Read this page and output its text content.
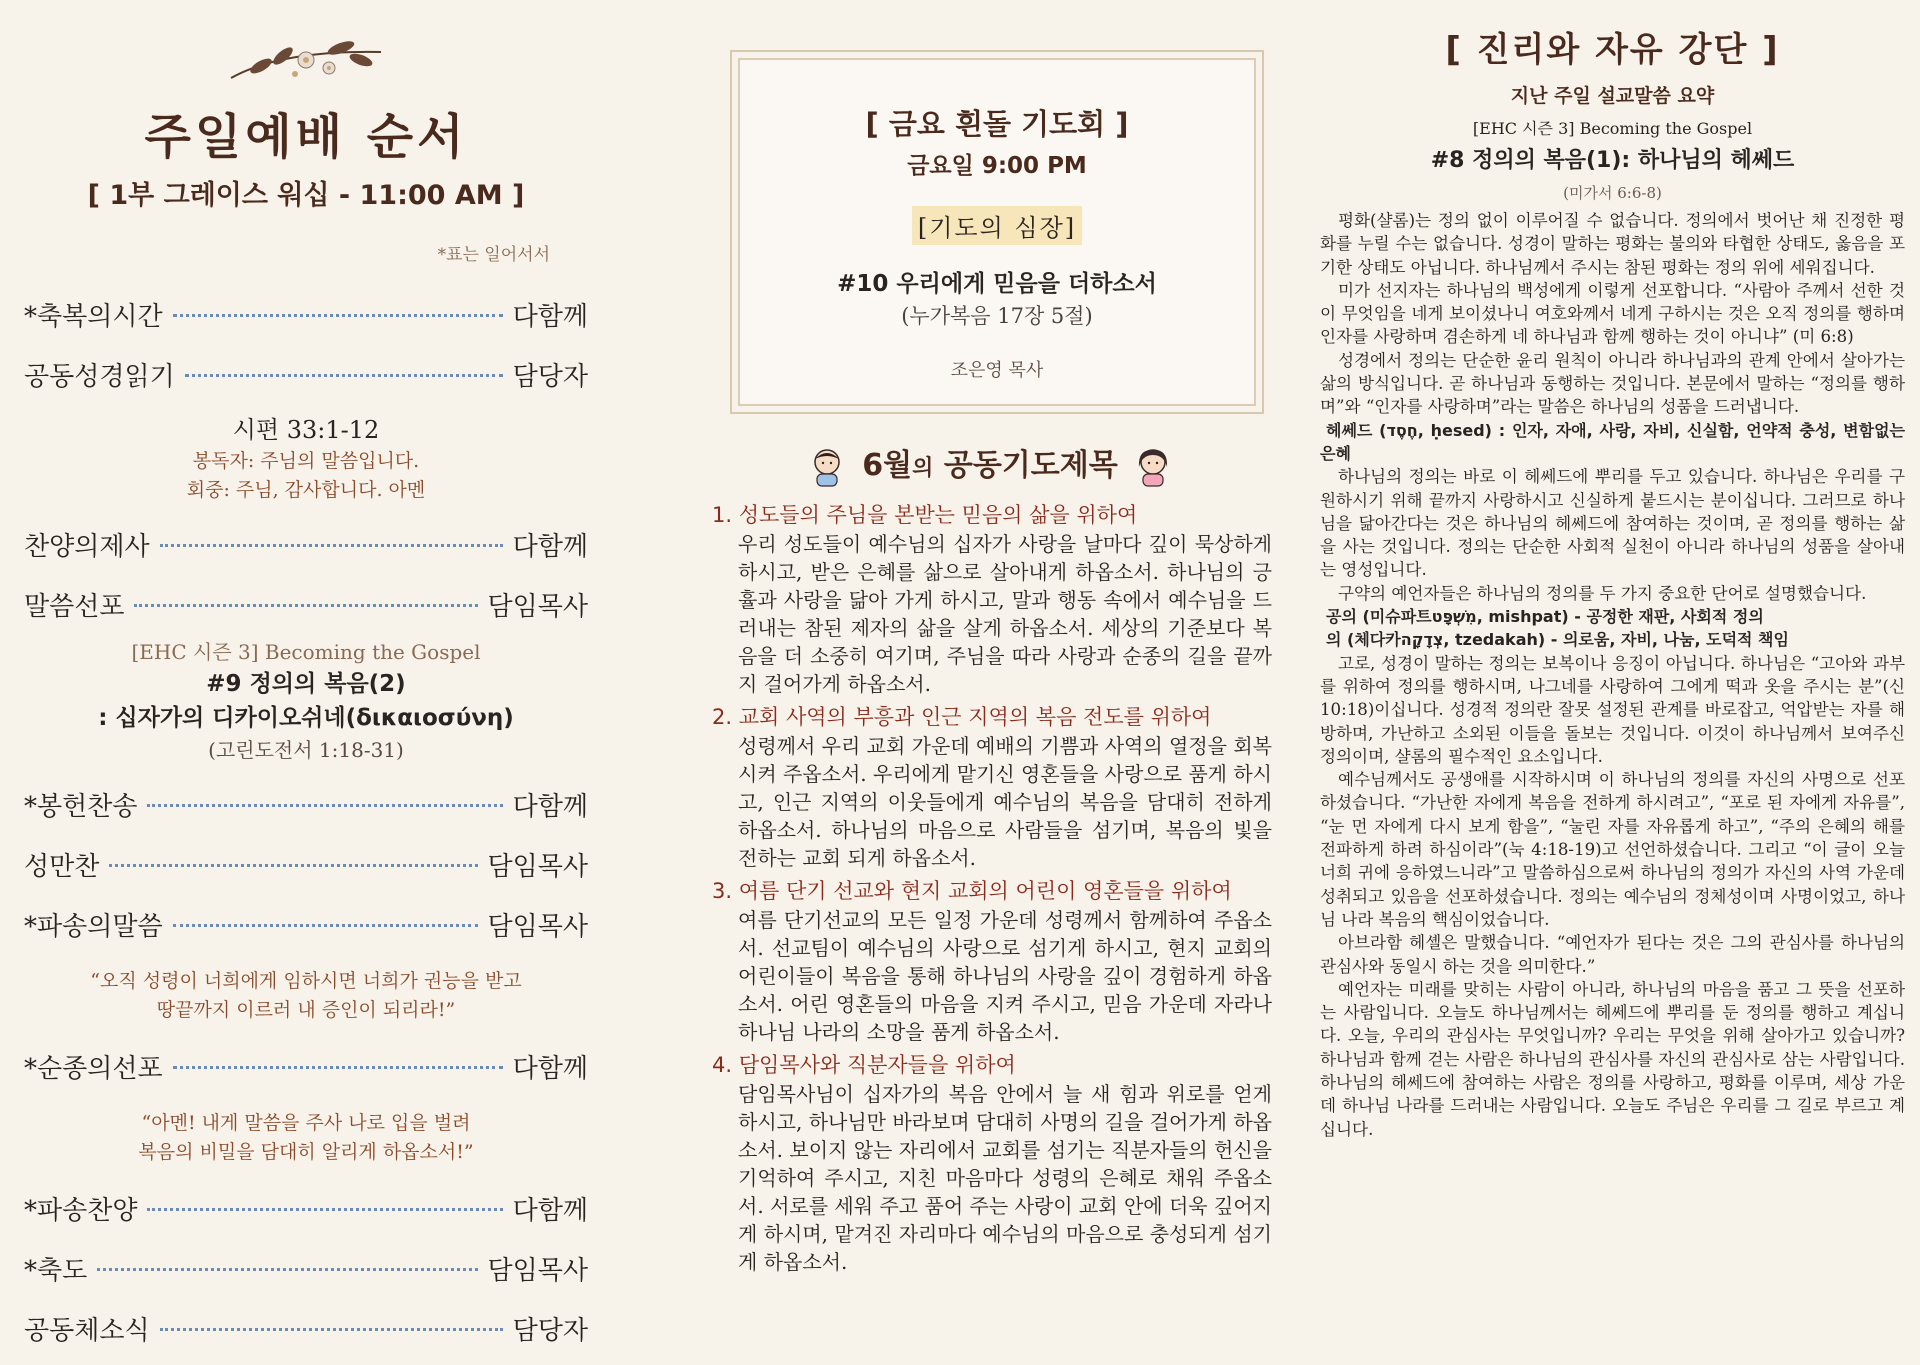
주일예배 순서
[ 1부 그레이스 워십 - 11:00 AM ]
*표는 일어서서
*축복의시간	다함께
공동성경읽기	담당자
시편 33:1-12
봉독자: 주님의 말씀입니다.
회중: 주님, 감사합니다. 아멘
찬양의제사	다함께
말씀선포	담임목사
[EHC 시즌 3] Becoming the Gospel
#9 정의의 복음(2)
: 십자가의 디카이오쉬네(δικαιοσύνη)
(고린도전서 1:18-31)
*봉헌찬송	다함께
성만찬	담임목사
*파송의말씀	담임목사
“오직 성령이 너희에게 임하시면 너희가 권능을 받고
땅끝까지 이르러 내 증인이 되리라!”
*순종의선포	다함께
“아멘! 내게 말씀을 주사 나로 입을 벌려
복음의 비밀을 담대히 알리게 하옵소서!”
*파송찬양	다함께
*축도	담임목사
공동체소식	담당자
[ 금요 흰돌 기도회 ]
금요일 9:00 PM
[기도의 심장]
#10 우리에게 믿음을 더하소서
(누가복음 17장 5절)
조은영 목사
6월의 공동기도제목
1. 성도들의 주님을 본받는 믿음의 삶을 위하여
우리 성도들이 예수님의 십자가 사랑을 날마다 깊이 묵상하게 하시고, 받은 은혜를 삶으로 살아내게 하옵소서. 하나님의 긍휼과 사랑을 닮아 가게 하시고, 말과 행동 속에서 예수님을 드러내는 참된 제자의 삶을 살게 하옵소서. 세상의 기준보다 복음을 더 소중히 여기며, 주님을 따라 사랑과 순종의 길을 끝까지 걸어가게 하옵소서.
2. 교회 사역의 부흥과 인근 지역의 복음 전도를 위하여
성령께서 우리 교회 가운데 예배의 기쁨과 사역의 열정을 회복시켜 주옵소서. 우리에게 맡기신 영혼들을 사랑으로 품게 하시고, 인근 지역의 이웃들에게 예수님의 복음을 담대히 전하게 하옵소서. 하나님의 마음으로 사람들을 섬기며, 복음의 빛을 전하는 교회 되게 하옵소서.
3. 여름 단기 선교와 현지 교회의 어린이 영혼들을 위하여
여름 단기선교의 모든 일정 가운데 성령께서 함께하여 주옵소서. 선교팀이 예수님의 사랑으로 섬기게 하시고, 현지 교회의 어린이들이 복음을 통해 하나님의 사랑을 깊이 경험하게 하옵소서. 어린 영혼들의 마음을 지켜 주시고, 믿음 가운데 자라나 하나님 나라의 소망을 품게 하옵소서.
4. 담임목사와 직분자들을 위하여
담임목사님이 십자가의 복음 안에서 늘 새 힘과 위로를 얻게 하시고, 하나님만 바라보며 담대히 사명의 길을 걸어가게 하옵소서. 보이지 않는 자리에서 교회를 섬기는 직분자들의 헌신을 기억하여 주시고, 지친 마음마다 성령의 은혜로 채워 주옵소서. 서로를 세워 주고 품어 주는 사랑이 교회 안에 더욱 깊어지게 하시며, 맡겨진 자리마다 예수님의 마음으로 충성되게 섬기게 하옵소서.
[ 진리와 자유 강단 ]
지난 주일 설교말씀 요약
[EHC 시즌 3] Becoming the Gospel
#8 정의의 복음(1): 하나님의 헤쎄드
(미가서 6:6-8)

평화(샬롬)는 정의 없이 이루어질 수 없습니다. 정의에서 벗어난 채 진정한 평화를 누릴 수는 없습니다. 성경이 말하는 평화는 불의와 타협한 상태도, 옳음을 포기한 상태도 아닙니다. 하나님께서 주시는 참된 평화는 정의 위에 세워집니다.

미가 선지자는 하나님의 백성에게 이렇게 선포합니다. “사람아 주께서 선한 것이 무엇임을 네게 보이셨나니 여호와께서 네게 구하시는 것은 오직 정의를 행하며 인자를 사랑하며 겸손하게 네 하나님과 함께 행하는 것이 아니냐” (미 6:8)

성경에서 정의는 단순한 윤리 원칙이 아니라 하나님과의 관계 안에서 살아가는 삶의 방식입니다. 곧 하나님과 동행하는 것입니다. 본문에서 말하는 “정의를 행하며”와 “인자를 사랑하며”라는 말씀은 하나님의 성품을 드러냅니다.

헤쎄드 (חֶסֶד, ḥesed) : 인자, 자애, 사랑, 자비, 신실함, 언약적 충성, 변함없는 은혜

하나님의 정의는 바로 이 헤쎄드에 뿌리를 두고 있습니다. 하나님은 우리를 구원하시기 위해 끝까지 사랑하시고 신실하게 붙드시는 분이십니다. 그러므로 하나님을 닮아간다는 것은 하나님의 헤쎄드에 참여하는 것이며, 곧 정의를 행하는 삶을 사는 것입니다. 정의는 단순한 사회적 실천이 아니라 하나님의 성품을 살아내는 영성입니다.

구약의 예언자들은 하나님의 정의를 두 가지 중요한 단어로 설명했습니다.

공의 (미슈파트מִשְׁפָּט, mishpat) - 공정한 재판, 사회적 정의

의 (체다카צְדָקָה, tzedakah) - 의로움, 자비, 나눔, 도덕적 책임

고로, 성경이 말하는 정의는 보복이나 응징이 아닙니다. 하나님은 “고아와 과부를 위하여 정의를 행하시며, 나그네를 사랑하여 그에게 떡과 옷을 주시는 분”(신 10:18)이십니다. 성경적 정의란 잘못 설정된 관계를 바로잡고, 억압받는 자를 해방하며, 가난하고 소외된 이들을 돌보는 것입니다. 이것이 하나님께서 보여주신 정의이며, 샬롬의 필수적인 요소입니다.

예수님께서도 공생애를 시작하시며 이 하나님의 정의를 자신의 사명으로 선포하셨습니다. “가난한 자에게 복음을 전하게 하시려고”, “포로 된 자에게 자유를”, “눈 먼 자에게 다시 보게 함을”, “눌린 자를 자유롭게 하고”, “주의 은혜의 해를 전파하게 하려 하심이라”(눅 4:18-19)고 선언하셨습니다. 그리고 “이 글이 오늘 너희 귀에 응하였느니라”고 말씀하심으로써 하나님의 정의가 자신의 사역 가운데 성취되고 있음을 선포하셨습니다. 정의는 예수님의 정체성이며 사명이었고, 하나님 나라 복음의 핵심이었습니다.

아브라함 헤셸은 말했습니다. “예언자가 된다는 것은 그의 관심사를 하나님의 관심사와 동일시 하는 것을 의미한다.”

예언자는 미래를 맞히는 사람이 아니라, 하나님의 마음을 품고 그 뜻을 선포하는 사람입니다. 오늘도 하나님께서는 헤쎄드에 뿌리를 둔 정의를 행하고 계십니다. 오늘, 우리의 관심사는 무엇입니까? 우리는 무엇을 위해 살아가고 있습니까? 하나님과 함께 걷는 사람은 하나님의 관심사를 자신의 관심사로 삼는 사람입니다. 하나님의 헤쎄드에 참여하는 사람은 정의를 사랑하고, 평화를 이루며, 세상 가운데 하나님 나라를 드러내는 사람입니다. 오늘도 주님은 우리를 그 길로 부르고 계십니다.
